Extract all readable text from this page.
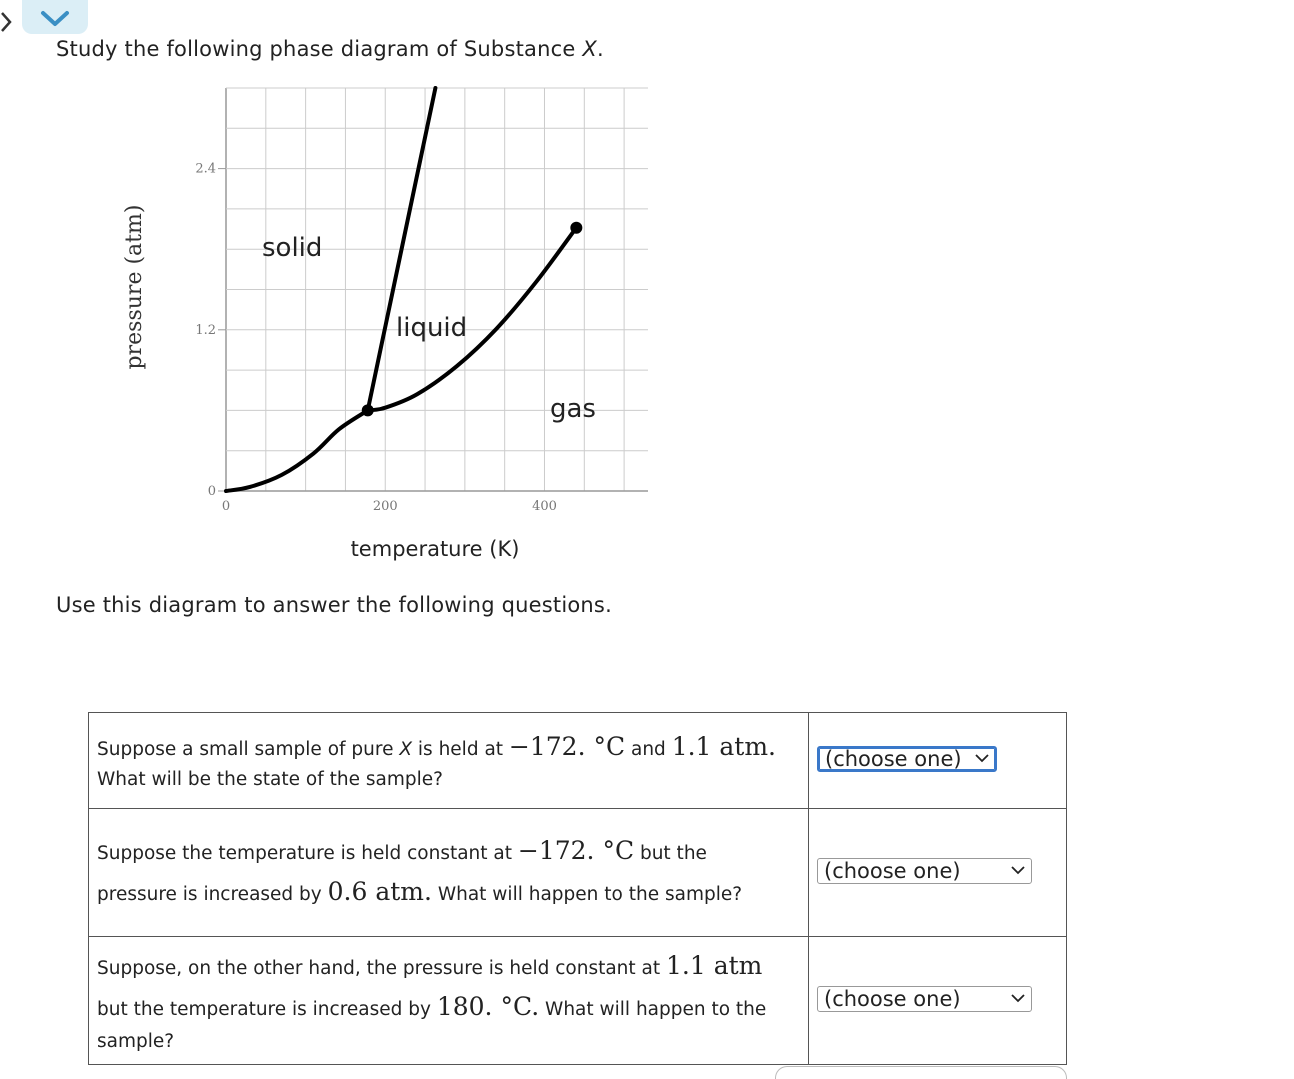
Study the following phase diagram of Substance X.
0	200	400
0
1.2
2.4
pressure (atm)
temperature (K)
solid
liquid
gas
Use this diagram to answer the following questions.
Suppose a small sample of pure X is held at −172. °C and 1.1 atm.
What will be the state of the sample?	(choose one)

Suppose the temperature is held constant at −172. °C but the
pressure is increased by 0.6 atm. What will happen to the sample?	(choose one)

Suppose, on the other hand, the pressure is held constant at 1.1 atm
but the temperature is increased by 180. °C. What will happen to the
sample?	(choose one)
